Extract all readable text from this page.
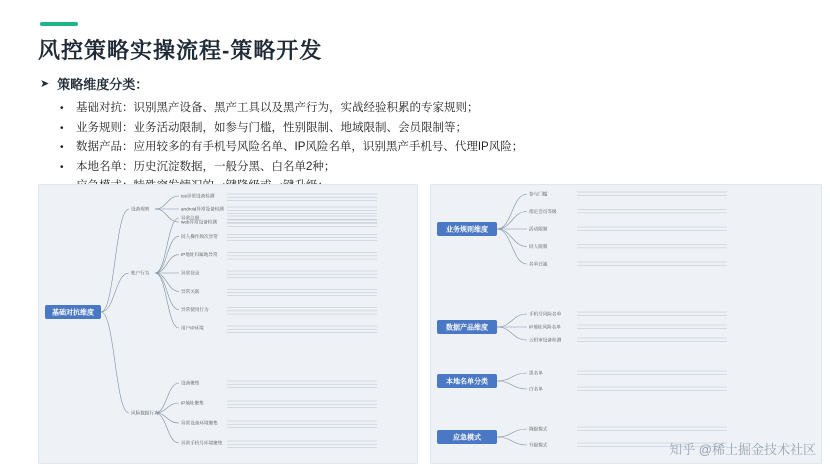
风控策略实操流程-策略开发
➤ 策略维度分类：
•	基础对抗：识别黑产设备、黑产工具以及黑产行为，实战经验积累的专家规则；
•	业务规则：业务活动限制，如参与门槛，性别限制、地域限制、会员限制等；
•	数据产品：应用较多的有手机号风险名单、IP风险名单，识别黑产手机号、代理IP风险；
•	本地名单：历史沉淀数据，一般分黑、白名单2种；
基础对抗维度
设备规则
ios异常设备检测
android异常设备检测
web异常设备检测
账户行为
异常注册
同人操作频次异常
IP地址归属地异常
异常登录
异常关联
异常使用行为
用户IP环境
风险数据行为
设备聚集
IP地址聚集
异常设备环境聚集
异常手机号环境聚集
业务规则维度
参与门槛
指定会员等级
活动限制
同人限制
名单过滤
数据产品维度
手机号风险名单
IP地址风险名单
云机审设备检测
本地名单分类
黑名单
白名单
应急模式
降级模式
升级模式	知乎 @稀土掘金技术社区
